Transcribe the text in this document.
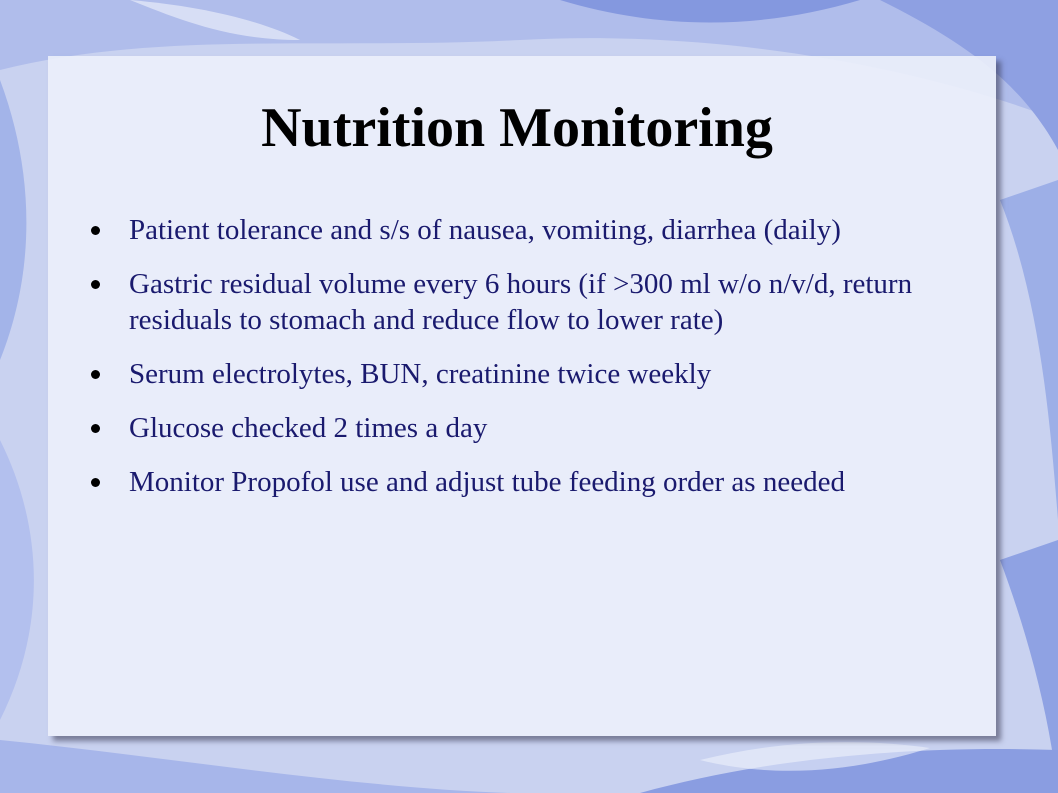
Nutrition Monitoring
Patient tolerance and s/s of nausea, vomiting, diarrhea (daily)
Gastric residual volume every 6 hours (if >300 ml w/o n/v/d, return residuals to stomach and reduce flow to lower rate)
Serum electrolytes, BUN, creatinine twice weekly
Glucose checked 2 times a day
Monitor Propofol use and adjust tube feeding order as needed
